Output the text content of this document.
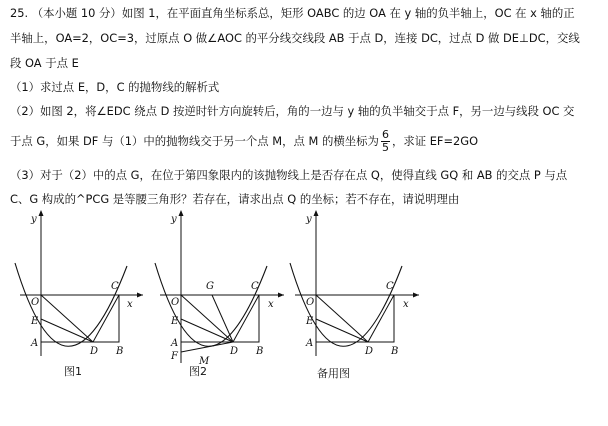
25. （本小题 10 分）如图 1，在平面直角坐标系总，矩形 OABC 的边 OA 在 y 轴的负半轴上，OC 在 x 轴的正
半轴上，OA=2，OC=3，过原点 O 做∠AOC 的平分线交线段 AB 于点 D，连接 DC，过点 D 做 DE⊥DC，交线
段 OA 于点 E
（1）求过点 E，D，C 的抛物线的解析式
（2）如图 2，将∠EDC 绕点 D 按逆时针方向旋转后，角的一边与 y 轴的负半轴交于点 F，另一边与线段 OC 交
于点 G，如果 DF 与（1）中的抛物线交于另一个点 M，点 M 的横坐标为 $\frac{6}{5}$ ，求证 EF=2GO
（3）对于（2）中的点 G，在位于第四象限内的该抛物线上是否存在点 Q，使得直线 GQ 和 AB 的交点 P 与点
C、G 构成的^PCG 是等腰三角形？若存在，请求出点 Q 的坐标；若不存在，请说明理由
y
x
O
E
A
C
D B
图1
y
x
O
E
A
F
G	C
D B
M
图2
y
x
O
E
A
C
D B
备用图
